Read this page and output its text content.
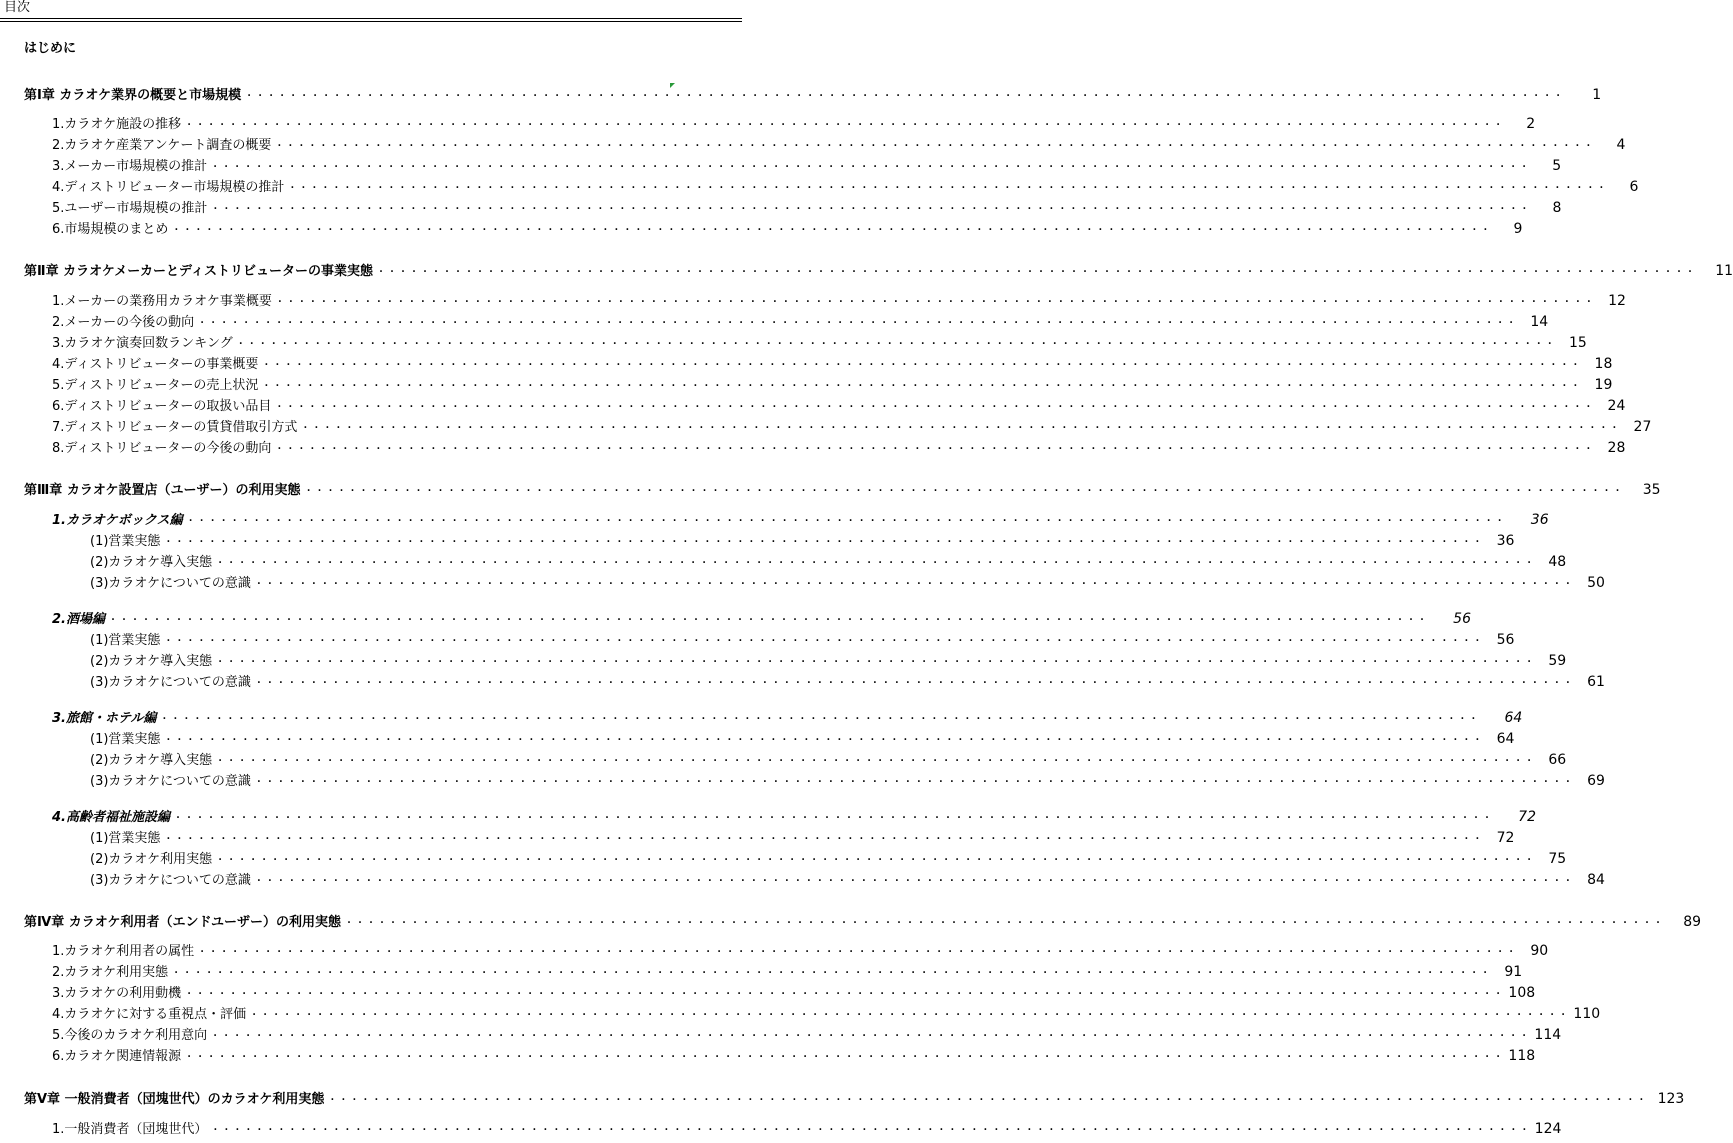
目次
はじめに
第Ⅰ章 カラオケ業界の概要と市場規模 ・・・・・・・・・・・・・・・・・・・・・・・・・・・・・・・・・・・・・・・・・・・・・・・・・・・・・・・・・・・・・・・・・・・・・・・・・・・・・・・・・・・・・・・・・・・・・・・・・・・・・・・・・・・・・・・・・・・・・・・・	1
1.カラオケ施設の推移 ・・・・・・・・・・・・・・・・・・・・・・・・・・・・・・・・・・・・・・・・・・・・・・・・・・・・・・・・・・・・・・・・・・・・・・・・・・・・・・・・・・・・・・・・・・・・・・・・・・・・・・・・・・・・・・・・・・・・・・・・	2
2.カラオケ産業アンケート調査の概要 ・・・・・・・・・・・・・・・・・・・・・・・・・・・・・・・・・・・・・・・・・・・・・・・・・・・・・・・・・・・・・・・・・・・・・・・・・・・・・・・・・・・・・・・・・・・・・・・・・・・・・・・・・・・・・・・・・・・・・・・・	4
3.メーカー市場規模の推計 ・・・・・・・・・・・・・・・・・・・・・・・・・・・・・・・・・・・・・・・・・・・・・・・・・・・・・・・・・・・・・・・・・・・・・・・・・・・・・・・・・・・・・・・・・・・・・・・・・・・・・・・・・・・・・・・・・・・・・・・・	5
4.ディストリビューター市場規模の推計 ・・・・・・・・・・・・・・・・・・・・・・・・・・・・・・・・・・・・・・・・・・・・・・・・・・・・・・・・・・・・・・・・・・・・・・・・・・・・・・・・・・・・・・・・・・・・・・・・・・・・・・・・・・・・・・・・・・・・・・・・	6
5.ユーザー市場規模の推計 ・・・・・・・・・・・・・・・・・・・・・・・・・・・・・・・・・・・・・・・・・・・・・・・・・・・・・・・・・・・・・・・・・・・・・・・・・・・・・・・・・・・・・・・・・・・・・・・・・・・・・・・・・・・・・・・・・・・・・・・・	8
6.市場規模のまとめ ・・・・・・・・・・・・・・・・・・・・・・・・・・・・・・・・・・・・・・・・・・・・・・・・・・・・・・・・・・・・・・・・・・・・・・・・・・・・・・・・・・・・・・・・・・・・・・・・・・・・・・・・・・・・・・・・・・・・・・・・	9
第Ⅱ章 カラオケメーカーとディストリビューターの事業実態 ・・・・・・・・・・・・・・・・・・・・・・・・・・・・・・・・・・・・・・・・・・・・・・・・・・・・・・・・・・・・・・・・・・・・・・・・・・・・・・・・・・・・・・・・・・・・・・・・・・・・・・・・・・・・・・・・・・・・・・・・	11
1.メーカーの業務用カラオケ事業概要 ・・・・・・・・・・・・・・・・・・・・・・・・・・・・・・・・・・・・・・・・・・・・・・・・・・・・・・・・・・・・・・・・・・・・・・・・・・・・・・・・・・・・・・・・・・・・・・・・・・・・・・・・・・・・・・・・・・・・・・・・ 12
2.メーカーの今後の動向 ・・・・・・・・・・・・・・・・・・・・・・・・・・・・・・・・・・・・・・・・・・・・・・・・・・・・・・・・・・・・・・・・・・・・・・・・・・・・・・・・・・・・・・・・・・・・・・・・・・・・・・・・・・・・・・・・・・・・・・・・ 14
3.カラオケ演奏回数ランキング ・・・・・・・・・・・・・・・・・・・・・・・・・・・・・・・・・・・・・・・・・・・・・・・・・・・・・・・・・・・・・・・・・・・・・・・・・・・・・・・・・・・・・・・・・・・・・・・・・・・・・・・・・・・・・・・・・・・・・・・・ 15
4.ディストリビューターの事業概要 ・・・・・・・・・・・・・・・・・・・・・・・・・・・・・・・・・・・・・・・・・・・・・・・・・・・・・・・・・・・・・・・・・・・・・・・・・・・・・・・・・・・・・・・・・・・・・・・・・・・・・・・・・・・・・・・・・・・・・・・・ 18
5.ディストリビューターの売上状況 ・・・・・・・・・・・・・・・・・・・・・・・・・・・・・・・・・・・・・・・・・・・・・・・・・・・・・・・・・・・・・・・・・・・・・・・・・・・・・・・・・・・・・・・・・・・・・・・・・・・・・・・・・・・・・・・・・・・・・・・・ 19
6.ディストリビューターの取扱い品目 ・・・・・・・・・・・・・・・・・・・・・・・・・・・・・・・・・・・・・・・・・・・・・・・・・・・・・・・・・・・・・・・・・・・・・・・・・・・・・・・・・・・・・・・・・・・・・・・・・・・・・・・・・・・・・・・・・・・・・・・・ 24
7.ディストリビューターの賃貸借取引方式 ・・・・・・・・・・・・・・・・・・・・・・・・・・・・・・・・・・・・・・・・・・・・・・・・・・・・・・・・・・・・・・・・・・・・・・・・・・・・・・・・・・・・・・・・・・・・・・・・・・・・・・・・・・・・・・・・・・・・・・・・ 27
8.ディストリビューターの今後の動向 ・・・・・・・・・・・・・・・・・・・・・・・・・・・・・・・・・・・・・・・・・・・・・・・・・・・・・・・・・・・・・・・・・・・・・・・・・・・・・・・・・・・・・・・・・・・・・・・・・・・・・・・・・・・・・・・・・・・・・・・・ 28
第Ⅲ章 カラオケ設置店（ユーザー）の利用実態 ・・・・・・・・・・・・・・・・・・・・・・・・・・・・・・・・・・・・・・・・・・・・・・・・・・・・・・・・・・・・・・・・・・・・・・・・・・・・・・・・・・・・・・・・・・・・・・・・・・・・・・・・・・・・・・・・・・・・・・・・	35
1.カラオケボックス編 ・・・・・・・・・・・・・・・・・・・・・・・・・・・・・・・・・・・・・・・・・・・・・・・・・・・・・・・・・・・・・・・・・・・・・・・・・・・・・・・・・・・・・・・・・・・・・・・・・・・・・・・・・・・・・・・・・・・・・・・・	36
(1)営業実態 ・・・・・・・・・・・・・・・・・・・・・・・・・・・・・・・・・・・・・・・・・・・・・・・・・・・・・・・・・・・・・・・・・・・・・・・・・・・・・・・・・・・・・・・・・・・・・・・・・・・・・・・・・・・・・・・・・・・・・・・・ 36
(2)カラオケ導入実態 ・・・・・・・・・・・・・・・・・・・・・・・・・・・・・・・・・・・・・・・・・・・・・・・・・・・・・・・・・・・・・・・・・・・・・・・・・・・・・・・・・・・・・・・・・・・・・・・・・・・・・・・・・・・・・・・・・・・・・・・・ 48
(3)カラオケについての意識 ・・・・・・・・・・・・・・・・・・・・・・・・・・・・・・・・・・・・・・・・・・・・・・・・・・・・・・・・・・・・・・・・・・・・・・・・・・・・・・・・・・・・・・・・・・・・・・・・・・・・・・・・・・・・・・・・・・・・・・・・ 50
2.酒場編 ・・・・・・・・・・・・・・・・・・・・・・・・・・・・・・・・・・・・・・・・・・・・・・・・・・・・・・・・・・・・・・・・・・・・・・・・・・・・・・・・・・・・・・・・・・・・・・・・・・・・・・・・・・・・・・・・・・・・・・・・	56
(1)営業実態 ・・・・・・・・・・・・・・・・・・・・・・・・・・・・・・・・・・・・・・・・・・・・・・・・・・・・・・・・・・・・・・・・・・・・・・・・・・・・・・・・・・・・・・・・・・・・・・・・・・・・・・・・・・・・・・・・・・・・・・・・ 56
(2)カラオケ導入実態 ・・・・・・・・・・・・・・・・・・・・・・・・・・・・・・・・・・・・・・・・・・・・・・・・・・・・・・・・・・・・・・・・・・・・・・・・・・・・・・・・・・・・・・・・・・・・・・・・・・・・・・・・・・・・・・・・・・・・・・・・ 59
(3)カラオケについての意識 ・・・・・・・・・・・・・・・・・・・・・・・・・・・・・・・・・・・・・・・・・・・・・・・・・・・・・・・・・・・・・・・・・・・・・・・・・・・・・・・・・・・・・・・・・・・・・・・・・・・・・・・・・・・・・・・・・・・・・・・・ 61
3.旅館・ホテル編 ・・・・・・・・・・・・・・・・・・・・・・・・・・・・・・・・・・・・・・・・・・・・・・・・・・・・・・・・・・・・・・・・・・・・・・・・・・・・・・・・・・・・・・・・・・・・・・・・・・・・・・・・・・・・・・・・・・・・・・・・	64
(1)営業実態 ・・・・・・・・・・・・・・・・・・・・・・・・・・・・・・・・・・・・・・・・・・・・・・・・・・・・・・・・・・・・・・・・・・・・・・・・・・・・・・・・・・・・・・・・・・・・・・・・・・・・・・・・・・・・・・・・・・・・・・・・ 64
(2)カラオケ導入実態 ・・・・・・・・・・・・・・・・・・・・・・・・・・・・・・・・・・・・・・・・・・・・・・・・・・・・・・・・・・・・・・・・・・・・・・・・・・・・・・・・・・・・・・・・・・・・・・・・・・・・・・・・・・・・・・・・・・・・・・・・ 66
(3)カラオケについての意識 ・・・・・・・・・・・・・・・・・・・・・・・・・・・・・・・・・・・・・・・・・・・・・・・・・・・・・・・・・・・・・・・・・・・・・・・・・・・・・・・・・・・・・・・・・・・・・・・・・・・・・・・・・・・・・・・・・・・・・・・・ 69
4.高齢者福祉施設編 ・・・・・・・・・・・・・・・・・・・・・・・・・・・・・・・・・・・・・・・・・・・・・・・・・・・・・・・・・・・・・・・・・・・・・・・・・・・・・・・・・・・・・・・・・・・・・・・・・・・・・・・・・・・・・・・・・・・・・・・・	72
(1)営業実態 ・・・・・・・・・・・・・・・・・・・・・・・・・・・・・・・・・・・・・・・・・・・・・・・・・・・・・・・・・・・・・・・・・・・・・・・・・・・・・・・・・・・・・・・・・・・・・・・・・・・・・・・・・・・・・・・・・・・・・・・・ 72
(2)カラオケ利用実態 ・・・・・・・・・・・・・・・・・・・・・・・・・・・・・・・・・・・・・・・・・・・・・・・・・・・・・・・・・・・・・・・・・・・・・・・・・・・・・・・・・・・・・・・・・・・・・・・・・・・・・・・・・・・・・・・・・・・・・・・・ 75
(3)カラオケについての意識 ・・・・・・・・・・・・・・・・・・・・・・・・・・・・・・・・・・・・・・・・・・・・・・・・・・・・・・・・・・・・・・・・・・・・・・・・・・・・・・・・・・・・・・・・・・・・・・・・・・・・・・・・・・・・・・・・・・・・・・・・ 84
第Ⅳ章 カラオケ利用者（エンドユーザー）の利用実態 ・・・・・・・・・・・・・・・・・・・・・・・・・・・・・・・・・・・・・・・・・・・・・・・・・・・・・・・・・・・・・・・・・・・・・・・・・・・・・・・・・・・・・・・・・・・・・・・・・・・・・・・・・・・・・・・・・・・・・・・・	89
1.カラオケ利用者の属性 ・・・・・・・・・・・・・・・・・・・・・・・・・・・・・・・・・・・・・・・・・・・・・・・・・・・・・・・・・・・・・・・・・・・・・・・・・・・・・・・・・・・・・・・・・・・・・・・・・・・・・・・・・・・・・・・・・・・・・・・・ 90
2.カラオケ利用実態 ・・・・・・・・・・・・・・・・・・・・・・・・・・・・・・・・・・・・・・・・・・・・・・・・・・・・・・・・・・・・・・・・・・・・・・・・・・・・・・・・・・・・・・・・・・・・・・・・・・・・・・・・・・・・・・・・・・・・・・・・ 91
3.カラオケの利用動機 ・・・・・・・・・・・・・・・・・・・・・・・・・・・・・・・・・・・・・・・・・・・・・・・・・・・・・・・・・・・・・・・・・・・・・・・・・・・・・・・・・・・・・・・・・・・・・・・・・・・・・・・・・・・・・・・・・・・・・・・・ 108
4.カラオケに対する重視点・評価 ・・・・・・・・・・・・・・・・・・・・・・・・・・・・・・・・・・・・・・・・・・・・・・・・・・・・・・・・・・・・・・・・・・・・・・・・・・・・・・・・・・・・・・・・・・・・・・・・・・・・・・・・・・・・・・・・・・・・・・・・ 110
5.今後のカラオケ利用意向 ・・・・・・・・・・・・・・・・・・・・・・・・・・・・・・・・・・・・・・・・・・・・・・・・・・・・・・・・・・・・・・・・・・・・・・・・・・・・・・・・・・・・・・・・・・・・・・・・・・・・・・・・・・・・・・・・・・・・・・・・ 114
6.カラオケ関連情報源 ・・・・・・・・・・・・・・・・・・・・・・・・・・・・・・・・・・・・・・・・・・・・・・・・・・・・・・・・・・・・・・・・・・・・・・・・・・・・・・・・・・・・・・・・・・・・・・・・・・・・・・・・・・・・・・・・・・・・・・・・ 118
第Ⅴ章 一般消費者（団塊世代）のカラオケ利用実態 ・・・・・・・・・・・・・・・・・・・・・・・・・・・・・・・・・・・・・・・・・・・・・・・・・・・・・・・・・・・・・・・・・・・・・・・・・・・・・・・・・・・・・・・・・・・・・・・・・・・・・・・・・・・・・・・・・・・・・・・・ 123
1.一般消費者（団塊世代） ・・・・・・・・・・・・・・・・・・・・・・・・・・・・・・・・・・・・・・・・・・・・・・・・・・・・・・・・・・・・・・・・・・・・・・・・・・・・・・・・・・・・・・・・・・・・・・・・・・・・・・・・・・・・・・・・・・・・・・・・ 124
